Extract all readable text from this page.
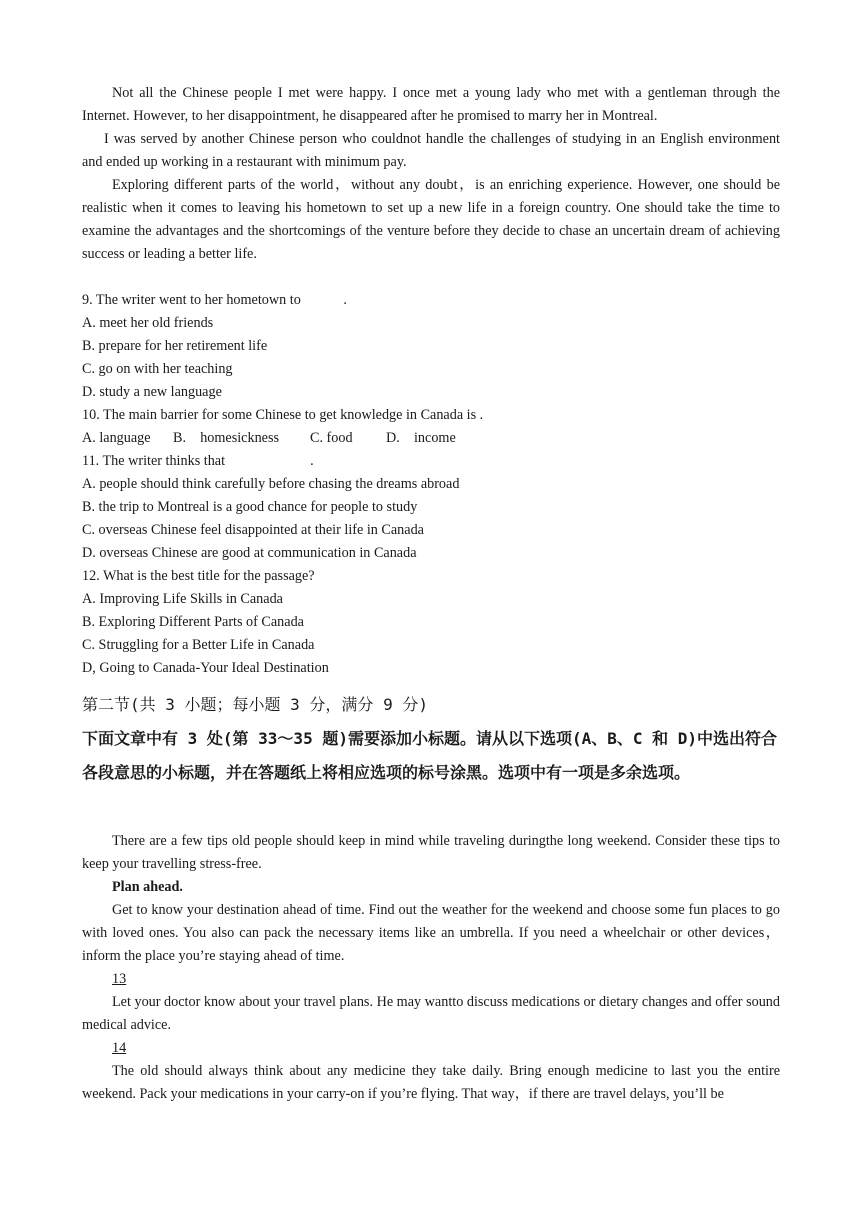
Not all the Chinese people I met were happy. I once met a young lady who met with a gentleman through the Internet. However, to her disappointment, he disappeared after he promised to marry her in Montreal.

I was served by another Chinese person who couldnot handle the challenges of studying in an English environment and ended up working in a restaurant with minimum pay.

Exploring different parts of the world，without any doubt，is an enriching experience. However, one should be realistic when it comes to leaving his hometown to set up a new life in a foreign country. One should take the time to examine the advantages and the shortcomings of the venture before they decide to chase an uncertain dream of achieving success or leading a better life.

9. The writer went to her hometown to            .

A. meet her old friends

B. prepare for her retirement life

C. go on with her teaching

D. study a new language

10. The main barrier for some Chinese to get knowledge in Canada is .

A. language	B.    homesickness	C. food	D.    income

11. The writer thinks that                        .

A. people should think carefully before chasing the dreams abroad

B. the trip to Montreal is a good chance for people to study

C. overseas Chinese feel disappointed at their life in Canada

D. overseas Chinese are good at communication in Canada

12. What is the best title for the passage?

A. Improving Life Skills in Canada

B. Exploring Different Parts of Canada

C. Struggling for a Better Life in Canada

D, Going to Canada-Your Ideal Destination

第二节(共 3 小题；每小题 3 分，满分 9 分)

下面文章中有 3 处(第 33～35 题)需要添加小标题。请从以下选项(A、B、C 和 D)中选出符合

各段意思的小标题，并在答题纸上将相应选项的标号涂黑。选项中有一项是多余选项。

There are a few tips old people should keep in mind while traveling duringthe long weekend. Consider these tips to keep your travelling stress-free.

Plan ahead.

Get to know your destination ahead of time. Find out the weather for the weekend and choose some fun places to go with loved ones. You also can pack the necessary items like an umbrella. If you need a wheelchair or other devices，inform the place you’re staying ahead of time.

13

Let your doctor know about your travel plans. He may wantto discuss medications or dietary changes and offer sound medical advice.

14

The old should always think about any medicine they take daily. Bring enough medicine to last you the entire weekend. Pack your medications in your carry-on if you’re flying. That way，if there are travel delays, you’ll be
